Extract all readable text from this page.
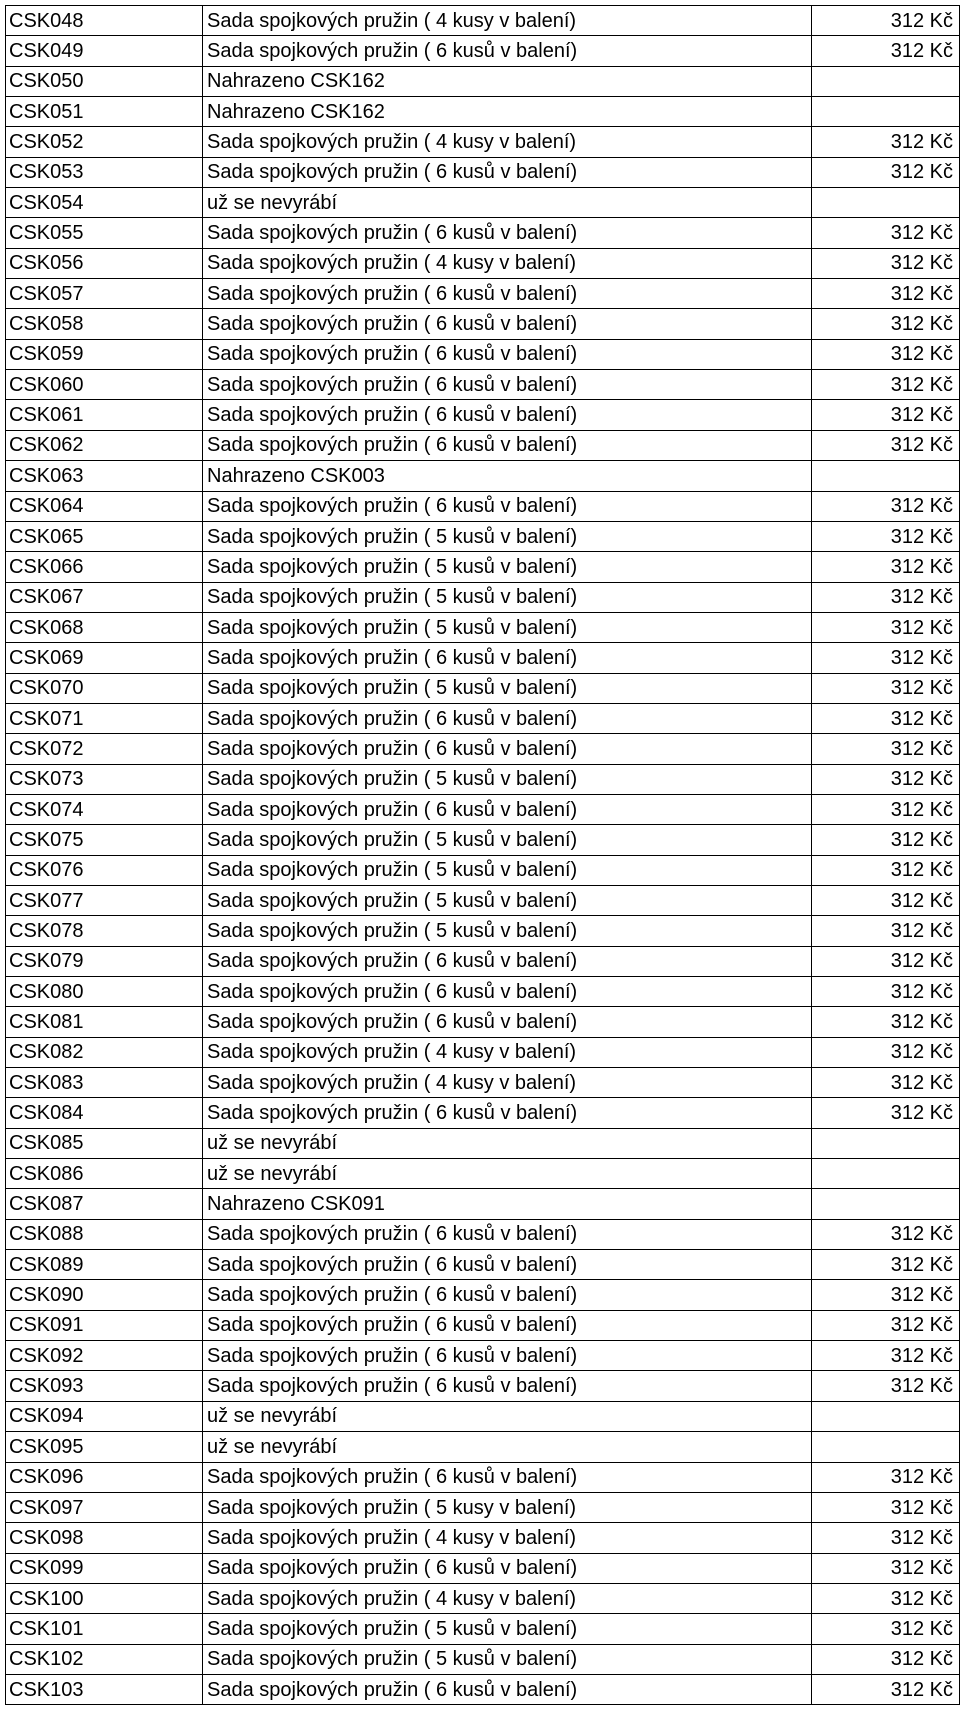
CSK048	Sada spojkových pružin ( 4 kusy v balení)	312 Kč
CSK049	Sada spojkových pružin ( 6 kusů v balení)	312 Kč
CSK050	Nahrazeno CSK162	
CSK051	Nahrazeno CSK162	
CSK052	Sada spojkových pružin ( 4 kusy v balení)	312 Kč
CSK053	Sada spojkových pružin ( 6 kusů v balení)	312 Kč
CSK054	už se nevyrábí	
CSK055	Sada spojkových pružin ( 6 kusů v balení)	312 Kč
CSK056	Sada spojkových pružin ( 4 kusy v balení)	312 Kč
CSK057	Sada spojkových pružin ( 6 kusů v balení)	312 Kč
CSK058	Sada spojkových pružin ( 6 kusů v balení)	312 Kč
CSK059	Sada spojkových pružin ( 6 kusů v balení)	312 Kč
CSK060	Sada spojkových pružin ( 6 kusů v balení)	312 Kč
CSK061	Sada spojkových pružin ( 6 kusů v balení)	312 Kč
CSK062	Sada spojkových pružin ( 6 kusů v balení)	312 Kč
CSK063	Nahrazeno CSK003	
CSK064	Sada spojkových pružin ( 6 kusů v balení)	312 Kč
CSK065	Sada spojkových pružin ( 5 kusů v balení)	312 Kč
CSK066	Sada spojkových pružin ( 5 kusů v balení)	312 Kč
CSK067	Sada spojkových pružin ( 5 kusů v balení)	312 Kč
CSK068	Sada spojkových pružin ( 5 kusů v balení)	312 Kč
CSK069	Sada spojkových pružin ( 6 kusů v balení)	312 Kč
CSK070	Sada spojkových pružin ( 5 kusů v balení)	312 Kč
CSK071	Sada spojkových pružin ( 6 kusů v balení)	312 Kč
CSK072	Sada spojkových pružin ( 6 kusů v balení)	312 Kč
CSK073	Sada spojkových pružin ( 5 kusů v balení)	312 Kč
CSK074	Sada spojkových pružin ( 6 kusů v balení)	312 Kč
CSK075	Sada spojkových pružin ( 5 kusů v balení)	312 Kč
CSK076	Sada spojkových pružin ( 5 kusů v balení)	312 Kč
CSK077	Sada spojkových pružin ( 5 kusů v balení)	312 Kč
CSK078	Sada spojkových pružin ( 5 kusů v balení)	312 Kč
CSK079	Sada spojkových pružin ( 6 kusů v balení)	312 Kč
CSK080	Sada spojkových pružin ( 6 kusů v balení)	312 Kč
CSK081	Sada spojkových pružin ( 6 kusů v balení)	312 Kč
CSK082	Sada spojkových pružin ( 4 kusy v balení)	312 Kč
CSK083	Sada spojkových pružin ( 4 kusy v balení)	312 Kč
CSK084	Sada spojkových pružin ( 6 kusů v balení)	312 Kč
CSK085	už se nevyrábí	
CSK086	už se nevyrábí	
CSK087	Nahrazeno CSK091	
CSK088	Sada spojkových pružin ( 6 kusů v balení)	312 Kč
CSK089	Sada spojkových pružin ( 6 kusů v balení)	312 Kč
CSK090	Sada spojkových pružin ( 6 kusů v balení)	312 Kč
CSK091	Sada spojkových pružin ( 6 kusů v balení)	312 Kč
CSK092	Sada spojkových pružin ( 6 kusů v balení)	312 Kč
CSK093	Sada spojkových pružin ( 6 kusů v balení)	312 Kč
CSK094	už se nevyrábí	
CSK095	už se nevyrábí	
CSK096	Sada spojkových pružin ( 6 kusů v balení)	312 Kč
CSK097	Sada spojkových pružin ( 5 kusy v balení)	312 Kč
CSK098	Sada spojkových pružin ( 4 kusy v balení)	312 Kč
CSK099	Sada spojkových pružin ( 6 kusů v balení)	312 Kč
CSK100	Sada spojkových pružin ( 4 kusy v balení)	312 Kč
CSK101	Sada spojkových pružin ( 5 kusů v balení)	312 Kč
CSK102	Sada spojkových pružin ( 5 kusů v balení)	312 Kč
CSK103	Sada spojkových pružin ( 6 kusů v balení)	312 Kč
